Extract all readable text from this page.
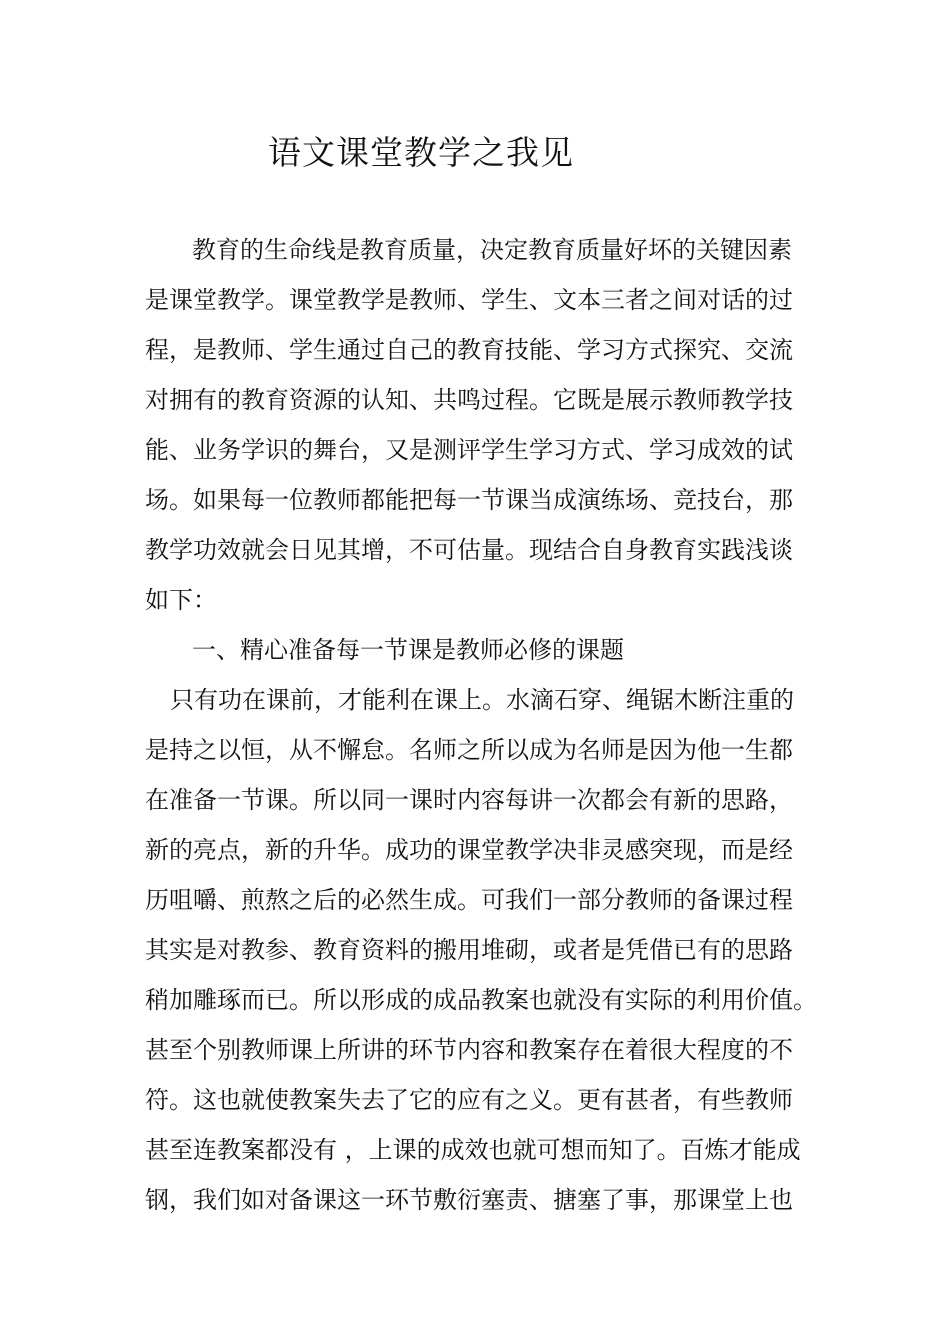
语文课堂教学之我见
教育的生命线是教育质量，决定教育质量好坏的关键因素
是课堂教学。课堂教学是教师、学生、文本三者之间对话的过
程，是教师、学生通过自己的教育技能、学习方式探究、交流
对拥有的教育资源的认知、共鸣过程。它既是展示教师教学技
能、业务学识的舞台，又是测评学生学习方式、学习成效的试
场。如果每一位教师都能把每一节课当成演练场、竞技台，那
教学功效就会日见其增，不可估量。现结合自身教育实践浅谈
如下：
一、精心准备每一节课是教师必修的课题
只有功在课前，才能利在课上。水滴石穿、绳锯木断注重的
是持之以恒，从不懈怠。名师之所以成为名师是因为他一生都
在准备一节课。所以同一课时内容每讲一次都会有新的思路，
新的亮点，新的升华。成功的课堂教学决非灵感突现，而是经
历咀嚼、煎熬之后的必然生成。可我们一部分教师的备课过程
其实是对教参、教育资料的搬用堆砌，或者是凭借已有的思路
稍加雕琢而已。所以形成的成品教案也就没有实际的利用价值。
甚至个别教师课上所讲的环节内容和教案存在着很大程度的不
符。这也就使教案失去了它的应有之义。更有甚者，有些教师
甚至连教案都没有 ，上课的成效也就可想而知了。百炼才能成
钢，我们如对备课这一环节敷衍塞责、搪塞了事，那课堂上也
